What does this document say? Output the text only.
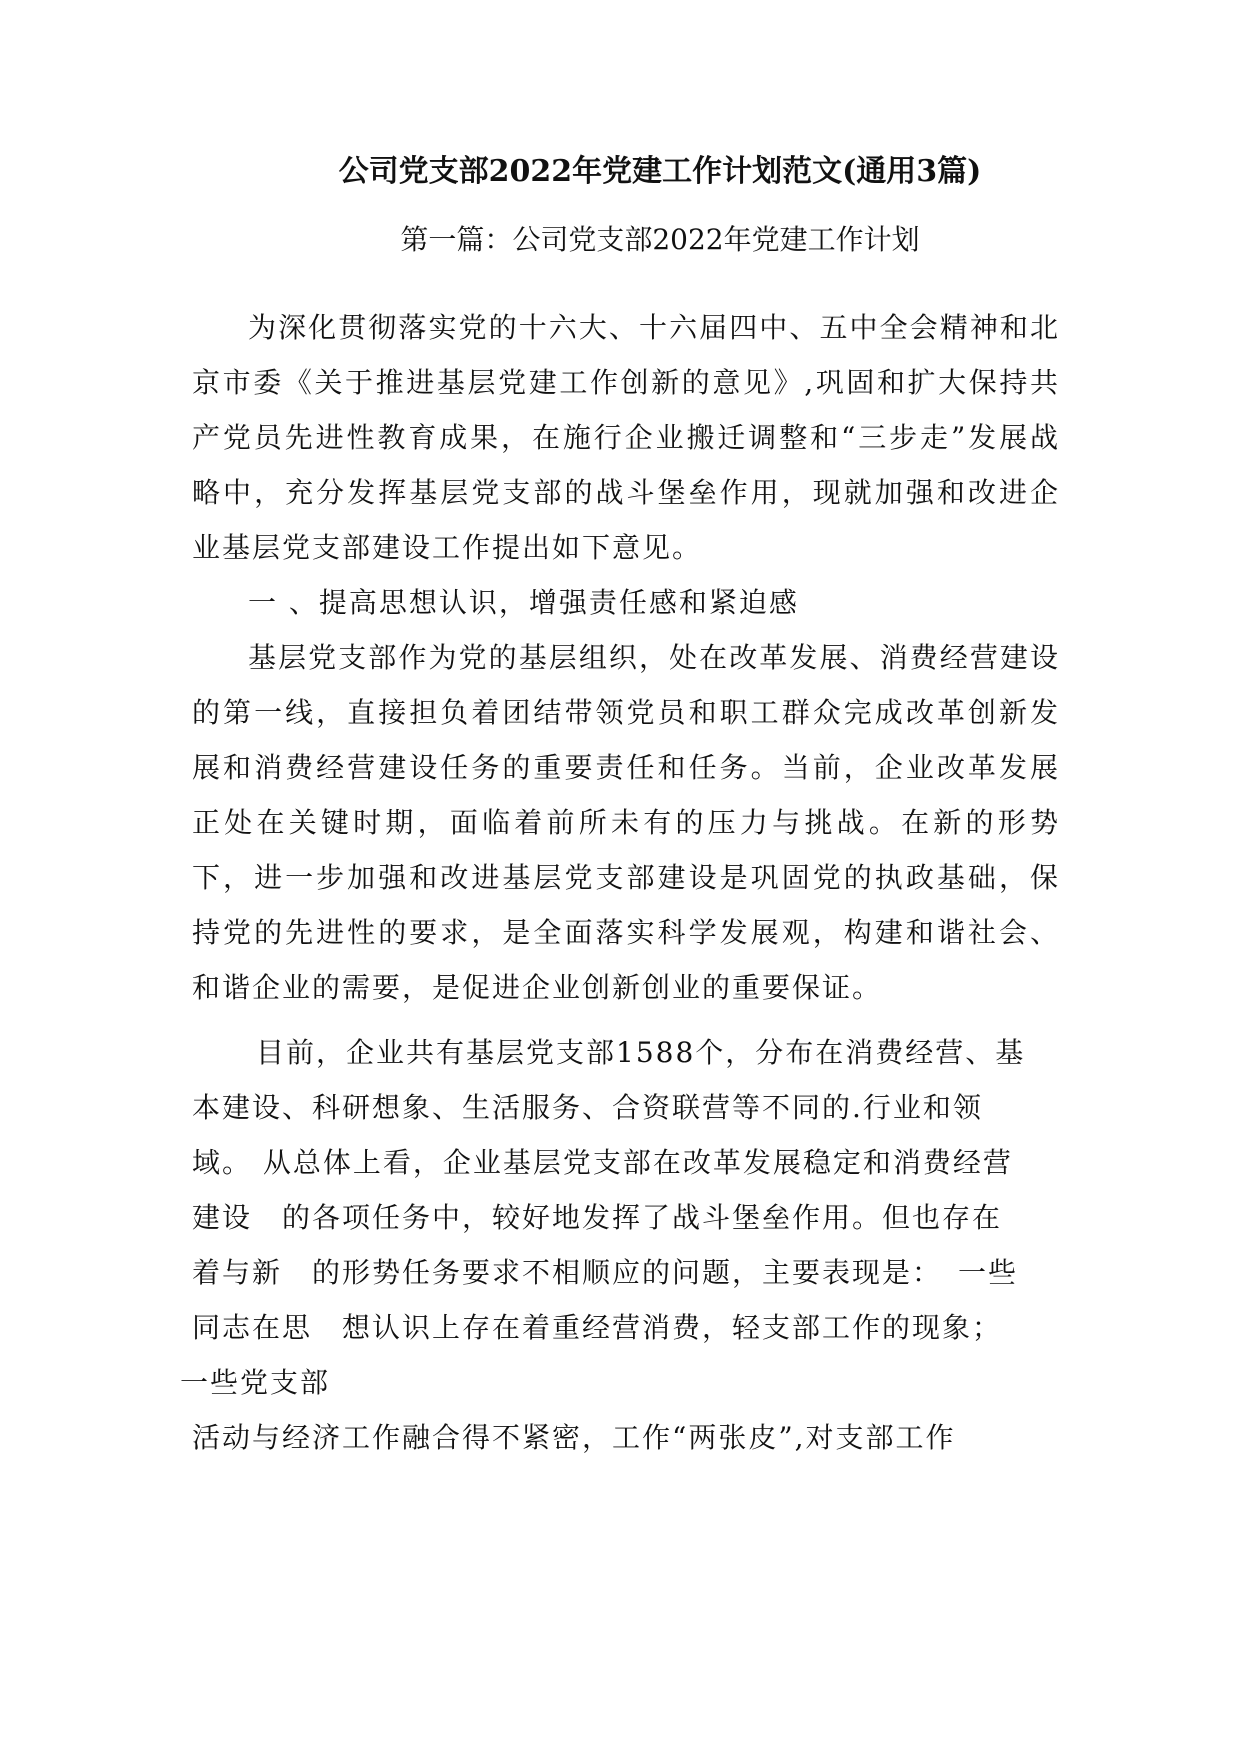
公司党支部2022年党建工作计划范文(通用3篇)
第一篇：公司党支部2022年党建工作计划

为深化贯彻落实党的十六大、十六届四中、五中全会精神和北京市委《关于推进基层党建工作创新的意见》,巩固和扩大保持共产党员先进性教育成果，在施行企业搬迁调整和“三步走”发展战略中，充分发挥基层党支部的战斗堡垒作用，现就加强和改进企业基层党支部建设工作提出如下意见。

一 、提高思想认识，增强责任感和紧迫感

基层党支部作为党的基层组织，处在改革发展、消费经营建设的第一线，直接担负着团结带领党员和职工群众完成改革创新发展和消费经营建设任务的重要责任和任务。当前，企业改革发展正处在关键时期，面临着前所未有的压力与挑战。在新的形势下，进一步加强和改进基层党支部建设是巩固党的执政基础，保持党的先进性的要求，是全面落实科学发展观，构建和谐社会、和谐企业的需要，是促进企业创新创业的重要保证。

目前，企业共有基层党支部1588个，分布在消费经营、基
本建设、科研想象、生活服务、合资联营等不同的.行业和领
域。 从总体上看，企业基层党支部在改革发展稳定和消费经营
建设　的各项任务中，较好地发挥了战斗堡垒作用。但也存在
着与新　的形势任务要求不相顺应的问题，主要表现是：　一些
同志在思　想认识上存在着重经营消费，轻支部工作的现象；
一些党支部
活动与经济工作融合得不紧密，工作“两张皮”,对支部工作
